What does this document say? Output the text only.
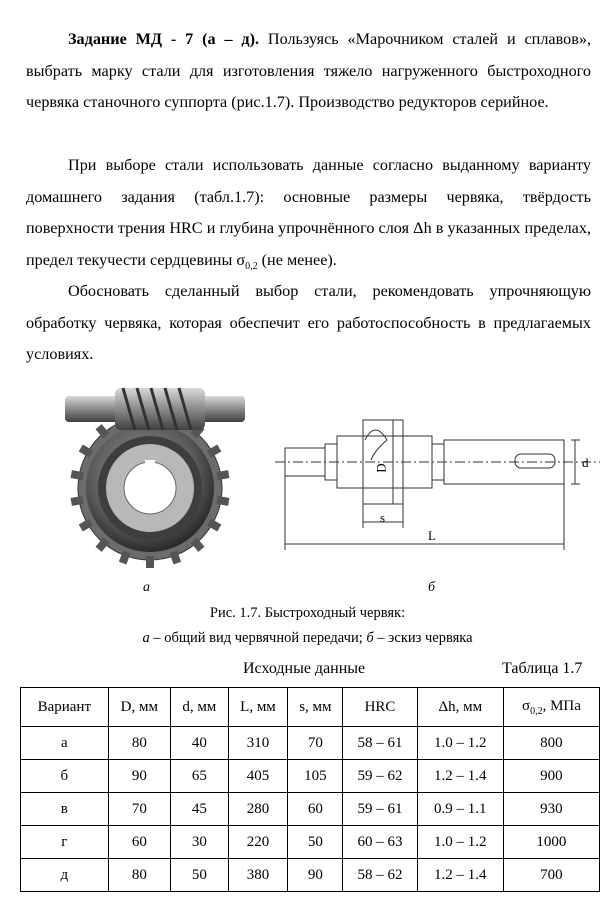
Задание МД - 7 (а – д). Пользуясь «Марочником сталей и сплавов», выбрать марку стали для изготовления тяжело нагруженного быстроходного червяка станочного суппорта (рис.1.7). Производство редукторов серийное.

При выборе стали использовать данные согласно выданному варианту домашнего задания (табл.1.7): основные размеры червяка, твёрдость поверхности трения HRC и глубина упрочнённого слоя Δh в указанных пределах, предел текучести сердцевины $\sigma_{0,2}$ (не менее).

Обосновать сделанный выбор стали, рекомендовать упрочняющую обработку червяка, которая обеспечит его работоспособность в предлагаемых условиях.

D	d
s
L
а	б
Рис. 1.7. Быстроходный червяк:
а – общий вид червячной передачи; б – эскиз червяка
Исходные данные	Таблица 1.7
Вариант	D, мм	d, мм	L, мм	s, мм	HRC	Δh, мм	$\sigma_{0,2}$, МПа
а	80	40	310	70	58 – 61	1.0 – 1.2	800
б	90	65	405	105	59 – 62	1.2 – 1.4	900
в	70	45	280	60	59 – 61	0.9 – 1.1	930
г	60	30	220	50	60 – 63	1.0 – 1.2	1000
д	80	50	380	90	58 – 62	1.2 – 1.4	700
